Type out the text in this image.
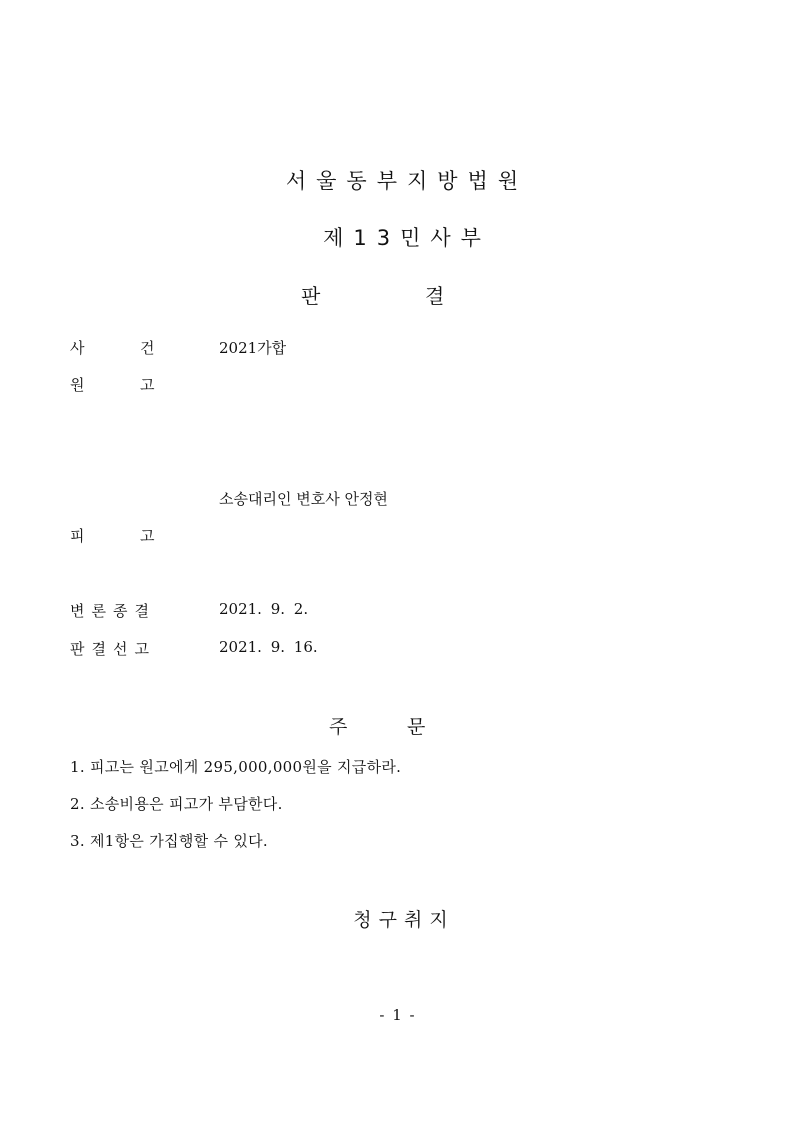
서울동부지방법원
제13민사부
판	결
사	건	2021가합
원	고
소송대리인 변호사 안정현
피	고
변론종결	2021. 9. 2.
판결선고	2021. 9. 16.
주	문
1. 피고는 원고에게 295,000,000원을 지급하라.
2. 소송비용은 피고가 부담한다.
3. 제1항은 가집행할 수 있다.
청구취지
- 1 -
